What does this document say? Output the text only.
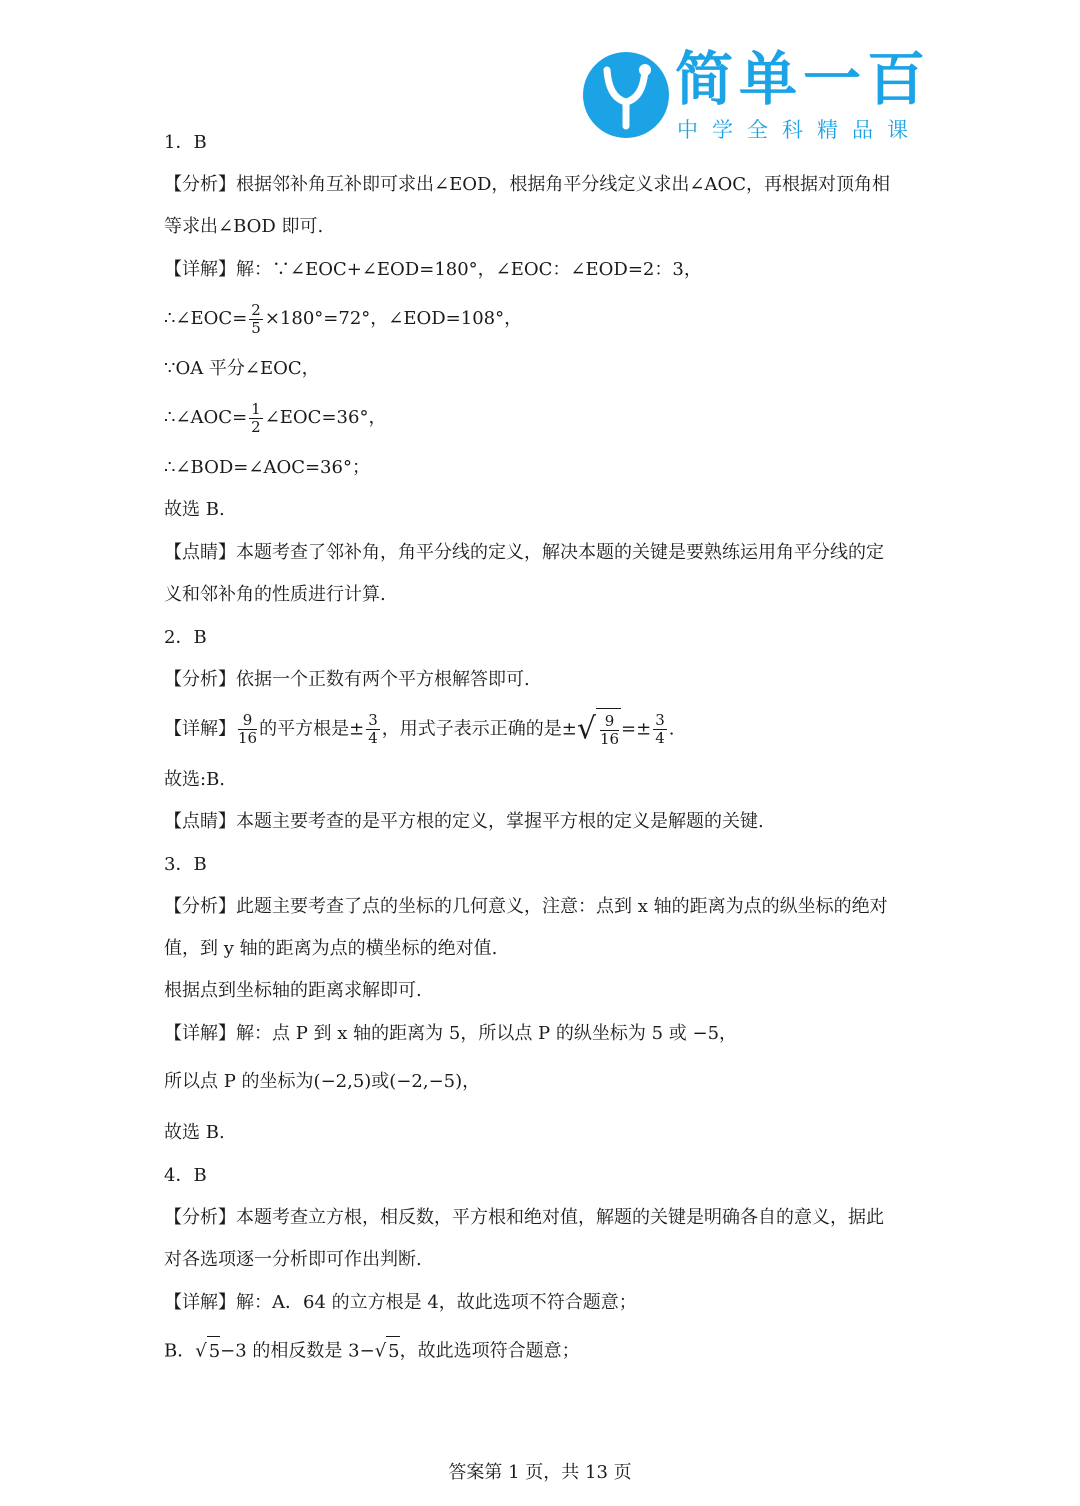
简单一百
中学全科精品课
1．B
【分析】根据邻补角互补即可求出∠EOD，根据角平分线定义求出∠AOC，再根据对顶角相
等求出∠BOD 即可.
【详解】解：∵∠EOC+∠EOD=180°，∠EOC：∠EOD=2：3，
∴∠EOC= $\frac{2}{5} \times 180^\circ=72^\circ$，∠EOD=108°，
∵OA 平分∠EOC，
∴∠AOC= $\frac{1}{2}$ ∠EOC=36°，
∴∠BOD=∠AOC=36°；
故选 B.
【点睛】本题考查了邻补角，角平分线的定义，解决本题的关键是要熟练运用角平分线的定
义和邻补角的性质进行计算.
2．B
【分析】依据一个正数有两个平方根解答即可.
【详解】 $\frac{9}{16}$ 的平方根是± $\frac{3}{4}$ ，用式子表示正确的是±√ $\frac{9}{16} =\pm \frac{3}{4}$ .
故选:B.
【点睛】本题主要考查的是平方根的定义，掌握平方根的定义是解题的关键.
3．B
【分析】此题主要考查了点的坐标的几何意义，注意：点到 x 轴的距离为点的纵坐标的绝对
值，到 y 轴的距离为点的横坐标的绝对值.
根据点到坐标轴的距离求解即可.
【详解】解：点 P 到 x 轴的距离为 5，所以点 P 的纵坐标为 5 或 −5，
所以点 P 的坐标为(−2,5)或(−2,−5)，
故选 B.
4．B
【分析】本题考查立方根，相反数，平方根和绝对值，解题的关键是明确各自的意义，据此
对各选项逐一分析即可作出判断.
【详解】解：A．64 的立方根是 4，故此选项不符合题意；
B．√ 5−3 的相反数是 3−√ 5，故此选项符合题意；
答案第 1 页，共 13 页
